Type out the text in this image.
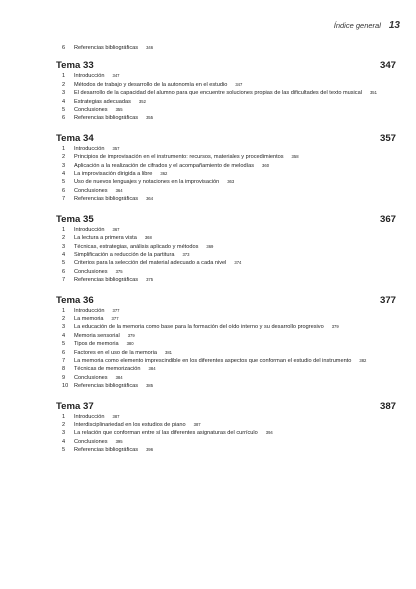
Índice general 13
6	Referencias bibliográficas 346
Tema 33	347
1	Introducción 347
2	Métodos de trabajo y desarrollo de la autonomía en el estudio 347
3	El desarrollo de la capacidad del alumno para que encuentre soluciones propias de las dificultades del texto musical 351
4	Estrategias adecuadas 352
5	Conclusiones 355
6	Referencias bibliográficas 355
Tema 34	357
1	Introducción 357
2	Principios de improvisación en el instrumento: recursos, materiales y procedimientos 358
3	Aplicación a la realización de cifrados y el acompañamiento de melodías 360
4	La improvisación dirigida a libre 362
5	Uso de nuevos lenguajes y notaciones en la improvisación 363
6	Conclusiones 364
7	Referencias bibliográficas 364
Tema 35	367
1	Introducción 367
2	La lectura a primera vista 368
3	Técnicas, estrategias, análisis aplicado y métodos 369
4	Simplificación a reducción de la partitura 373
5	Criterios para la selección del material adecuado a cada nivel 374
6	Conclusiones 375
7	Referencias bibliográficas 375
Tema 36	377
1	Introducción 377
2	La memoria 377
3	La educación de la memoria como base para la formación del oído interno y su desarrollo progresivo 379
4	Memoria sensorial 379
5	Tipos de memoria 380
6	Factores en el uso de la memoria 381
7	La memoria como elemento imprescindible en los diferentes aspectos que conforman el estudio del instrumento 382
8	Técnicas de memorización 384
9	Conclusiones 384
10	Referencias bibliográficas 385
Tema 37	387
1	Introducción 387
2	Interdisciplinariedad en los estudios de piano 387
3	La relación que conforman entre sí las diferentes asignaturas del currículo 394
4	Conclusiones 395
5	Referencias bibliográficas 396
